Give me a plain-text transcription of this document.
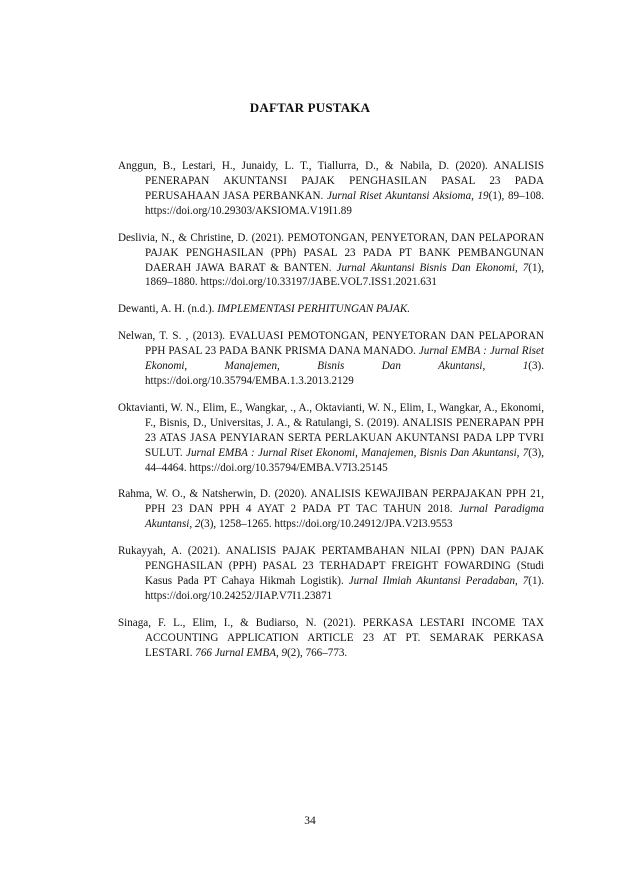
DAFTAR PUSTAKA

Anggun, B., Lestari, H., Junaidy, L. T., Tiallurra, D., & Nabila, D. (2020). ANALISIS PENERAPAN AKUNTANSI PAJAK PENGHASILAN PASAL 23 PADA PERUSAHAAN JASA PERBANKAN. Jurnal Riset Akuntansi Aksioma, 19(1), 89–108. https://doi.org/10.29303/AKSIOMA.V19I1.89

Deslivia, N., & Christine, D. (2021). PEMOTONGAN, PENYETORAN, DAN PELAPORAN PAJAK PENGHASILAN (PPh) PASAL 23 PADA PT BANK PEMBANGUNAN DAERAH JAWA BARAT & BANTEN. Jurnal Akuntansi Bisnis Dan Ekonomi, 7(1), 1869–1880. https://doi.org/10.33197/JABE.VOL7.ISS1.2021.631

Dewanti, A. H. (n.d.). IMPLEMENTASI PERHITUNGAN PAJAK.

Nelwan, T. S. , (2013). EVALUASI PEMOTONGAN, PENYETORAN DAN PELAPORAN PPH PASAL 23 PADA BANK PRISMA DANA MANADO. Jurnal EMBA : Jurnal Riset Ekonomi, Manajemen, Bisnis Dan Akuntansi, 1(3). https://doi.org/10.35794/EMBA.1.3.2013.2129

Oktavianti, W. N., Elim, E., Wangkar, ., A., Oktavianti, W. N., Elim, I., Wangkar, A., Ekonomi, F., Bisnis, D., Universitas, J. A., & Ratulangi, S. (2019). ANALISIS PENERAPAN PPH 23 ATAS JASA PENYIARAN SERTA PERLAKUAN AKUNTANSI PADA LPP TVRI SULUT. Jurnal EMBA : Jurnal Riset Ekonomi, Manajemen, Bisnis Dan Akuntansi, 7(3), 44–4464. https://doi.org/10.35794/EMBA.V7I3.25145

Rahma, W. O., & Natsherwin, D. (2020). ANALISIS KEWAJIBAN PERPAJAKAN PPH 21, PPH 23 DAN PPH 4 AYAT 2 PADA PT TAC TAHUN 2018. Jurnal Paradigma Akuntansi, 2(3), 1258–1265. https://doi.org/10.24912/JPA.V2I3.9553

Rukayyah, A. (2021). ANALISIS PAJAK PERTAMBAHAN NILAI (PPN) DAN PAJAK PENGHASILAN (PPH) PASAL 23 TERHADAPT FREIGHT FOWARDING (Studi Kasus Pada PT Cahaya Hikmah Logistik). Jurnal Ilmiah Akuntansi Peradaban, 7(1). https://doi.org/10.24252/JIAP.V7I1.23871

Sinaga, F. L., Elim, I., & Budiarso, N. (2021). PERKASA LESTARI INCOME TAX ACCOUNTING APPLICATION ARTICLE 23 AT PT. SEMARAK PERKASA LESTARI. 766 Jurnal EMBA, 9(2), 766–773.

34
